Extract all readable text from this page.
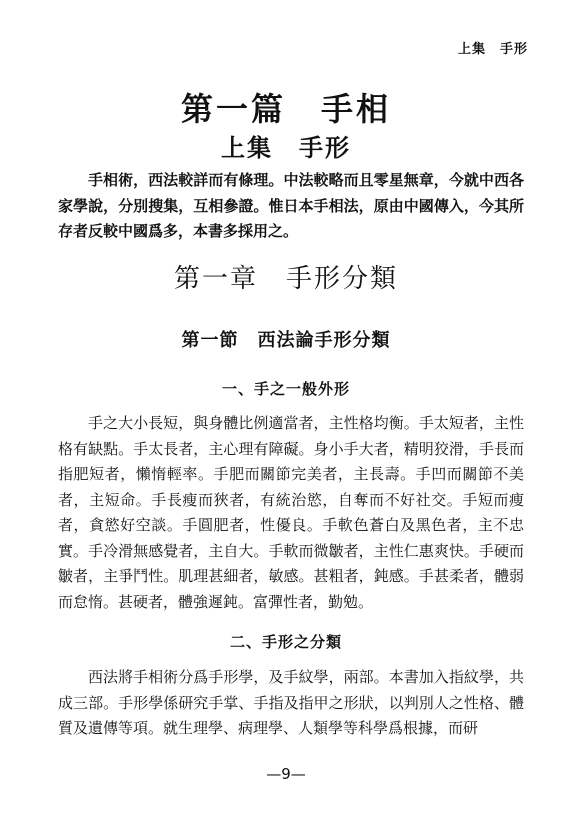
上集　手形
第一篇　手相
上集　手形

手相術，西法較詳而有條理。中法較略而且零星無章，今就中西各家學說，分別搜集，互相參證。惟日本手相法，原由中國傳入，今其所存者反較中國爲多，本書多採用之。

第一章　手形分類
第一節　西法論手形分類
一、手之一般外形

手之大小長短，與身體比例適當者，主性格均衡。手太短者，主性格有缺點。手太長者，主心理有障礙。身小手大者，精明狡滑，手長而指肥短者，懶惰輕率。手肥而關節完美者，主長壽。手凹而關節不美者，主短命。手長瘦而狹者，有統治慾，自奪而不好社交。手短而痩者，貪慾好空談。手圓肥者，性優良。手軟色蒼白及黑色者，主不忠實。手冷滑無感覺者，主自大。手軟而微皺者，主性仁惠爽快。手硬而皺者，主爭鬥性。肌理甚細者，敏感。甚粗者，鈍感。手甚柔者，體弱而怠惰。甚硬者，體強遲鈍。富彈性者，勤勉。

二、手形之分類

西法將手相術分爲手形學，及手紋學，兩部。本書加入指紋學，共成三部。手形學係研究手掌、手指及指甲之形狀，以判別人之性格、體質及遺傳等項。就生理學、病理學、人類學等科學爲根據，而研

—9—
